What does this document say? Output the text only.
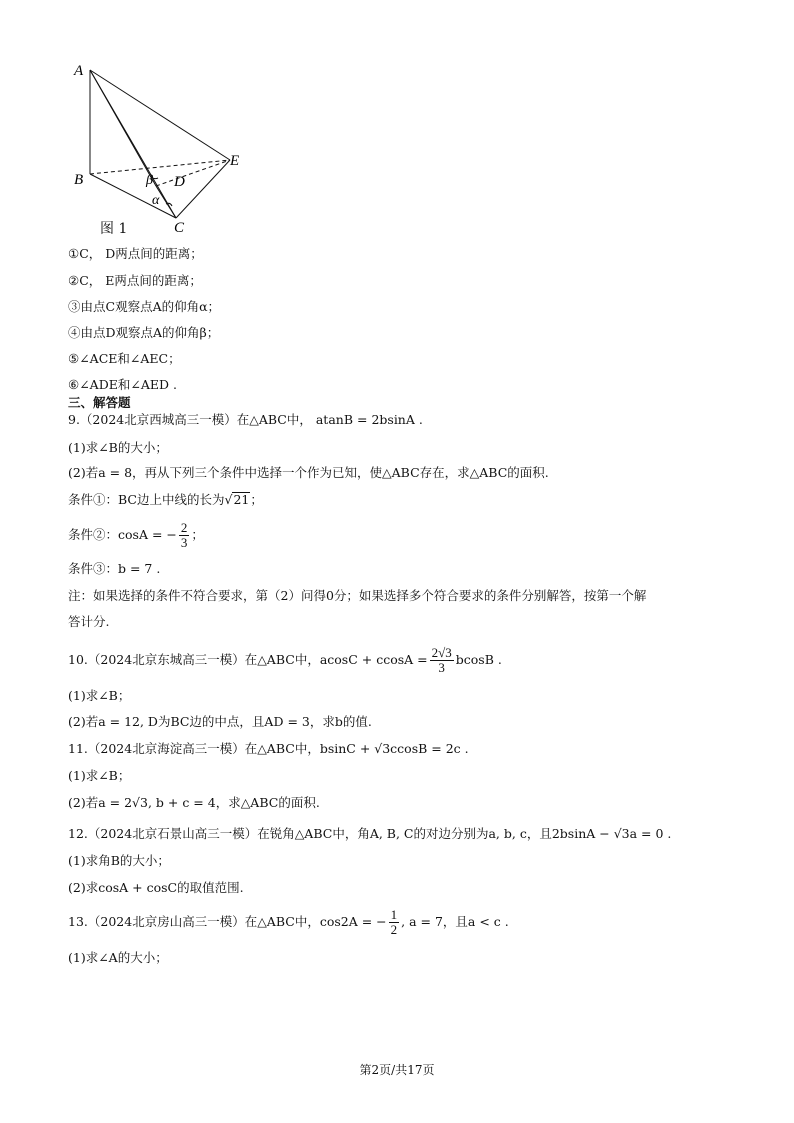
A
B	D
E
C
β
α
图 1
①C， D两点间的距离；
②C， E两点间的距离；
③由点C观察点A的仰角α；
④由点D观察点A的仰角β；
⑤∠ACE和∠AEC；
⑥∠ADE和∠AED .
三、解答题
9.（2024北京西城高三一模）在△ABC中， atanB = 2bsinA .
(1)求∠B的大小；
(2)若a = 8，再从下列三个条件中选择一个作为已知，使△ABC存在，求△ABC的面积.
条件①：BC边上中线的长为√21；
条件②：cosA = − $\frac{2}{3}$ ；
条件③：b = 7 .
注：如果选择的条件不符合要求，第（2）问得0分；如果选择多个符合要求的条件分别解答，按第一个解
答计分.
10.（2024北京东城高三一模）在△ABC中，$acosC + ccosA = \frac{2√3}{3}$ bcosB .
(1)求∠B；
(2)若a = 12, D为BC边的中点，且AD = 3，求b的值.
11.（2024北京海淀高三一模）在△ABC中，bsinC + √3ccosB = 2c .
(1)求∠B；
(2)若a = 2√3, b + c = 4，求△ABC的面积.
12.（2024北京石景山高三一模）在锐角△ABC中，角A, B, C的对边分别为a, b, c，且2bsinA − √3a = 0 .
(1)求角B的大小；
(2)求cosA + cosC的取值范围.
13.（2024北京房山高三一模）在△ABC中，cos2A = − $\frac{1}{2}$ , a = 7，且a < c .
(1)求∠A的大小；
第2页/共17页
